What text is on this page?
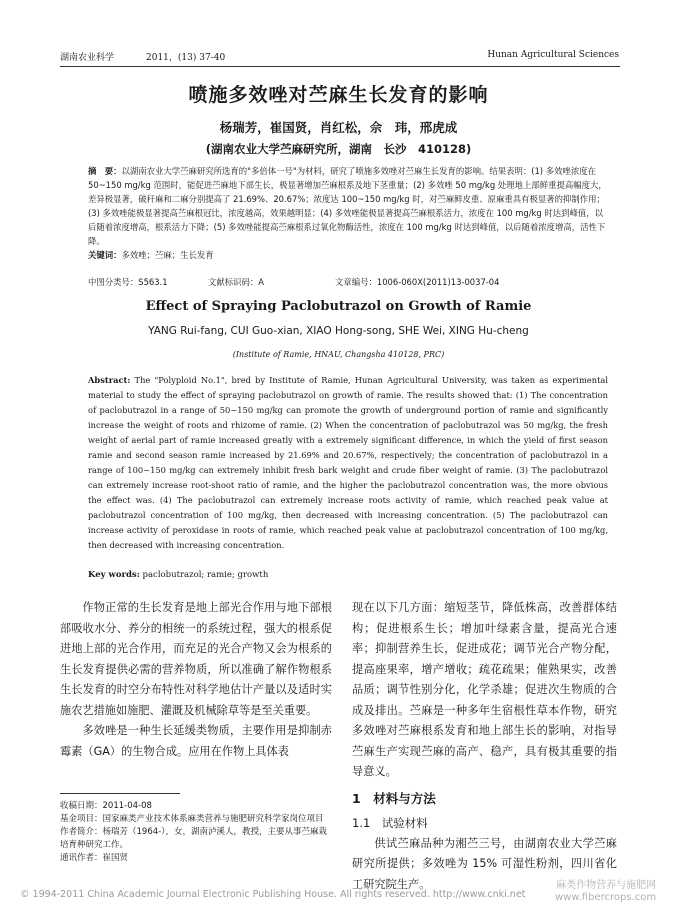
湖南农业科学	2011，(13) 37-40	Hunan Agricultural Sciences
喷施多效唑对苎麻生长发育的影响
杨瑞芳，崔国贤，肖红松，佘　玮，邢虎成
(湖南农业大学苎麻研究所，湖南　长沙　410128)
摘　要：以湖南农业大学苎麻研究所选育的"多倍体一号"为材料，研究了喷施多效唑对苎麻生长发育的影响。结果表明：(1) 多效唑浓度在 50~150 mg/kg 范围时，能促进苎麻地下部生长，极显著增加苎麻根系及地下茎重量；(2) 多效唑 50 mg/kg 处理地上部鲜重提高幅度大，差异极显著，破秆麻和二麻分别提高了 21.69%、20.67%；浓度达 100~150 mg/kg 时，对苎麻鲜皮重、原麻重具有极显著的抑制作用；(3) 多效唑能极显著提高苎麻根冠比，浓度越高，效果越明显；(4) 多效唑能极显著提高苎麻根系活力，浓度在 100 mg/kg 时达到峰值，以后随着浓度增高，根系活力下降；(5) 多效唑能提高苎麻根系过氧化物酶活性，浓度在 100 mg/kg 时达到峰值，以后随着浓度增高，活性下降。
关键词：多效唑；苎麻；生长发育
中图分类号：S563.1	文献标识码：A	文章编号：1006-060X(2011)13-0037-04
Effect of Spraying Paclobutrazol on Growth of Ramie
YANG Rui-fang, CUI Guo-xian, XIAO Hong-song, SHE Wei, XING Hu-cheng
(Institute of Ramie, HNAU, Changsha 410128, PRC)
Abstract: The "Polyploid No.1", bred by Institute of Ramie, Hunan Agricultural University, was taken as experimental material to study the effect of spraying paclobutrazol on growth of ramie. The results showed that: (1) The concentration of paclobutrazol in a range of 50~150 mg/kg can promote the growth of underground portion of ramie and significantly increase the weight of roots and rhizome of ramie. (2) When the concentration of paclobutrazol was 50 mg/kg, the fresh weight of aerial part of ramie increased greatly with a extremely significant difference, in which the yield of first season ramie and second season ramie increased by 21.69% and 20.67%, respectively; the concentration of paclobutrazol in a range of 100~150 mg/kg can extremely inhibit fresh bark weight and crude fiber weight of ramie. (3) The paclobutrazol can extremely increase root-shoot ratio of ramie, and the higher the paclobutrazol concentration was, the more obvious the effect was. (4) The paclobutrazol can extremely increase roots activity of ramie, which reached peak value at paclobutrazol concentration of 100 mg/kg, then decreased with increasing concentration. (5) The paclobutrazol can increase activity of peroxidase in roots of ramie, which reached peak value at paclobutrazol concentration of 100 mg/kg, then decreased with increasing concentration.
Key words: paclobutrazol; ramie; growth

作物正常的生长发育是地上部光合作用与地下部根部吸收水分、养分的相统一的系统过程，强大的根系促进地上部的光合作用，而充足的光合产物又会为根系的生长发育提供必需的营养物质，所以准确了解作物根系生长发育的时空分布特性对科学地估计产量以及适时实施农艺措施如施肥、灌溉及机械除草等是至关重要。

多效唑是一种生长延缓类物质，主要作用是抑制赤霉素（GA）的生物合成。应用在作物上具体表

收稿日期：2011-04-08
基金项目：国家麻类产业技术体系麻类营养与施肥研究科学家岗位项目
作者简介：杨瑞芳（1964-），女，湖南泸溪人，教授，主要从事苎麻栽培育种研究工作。
通讯作者：崔国贤

现在以下几方面：缩短茎节，降低株高，改善群体结构；促进根系生长；增加叶绿素含量，提高光合速率；抑制营养生长，促进成花；调节光合产物分配，提高座果率，增产增收；疏花疏果；催熟果实，改善品质；调节性别分化，化学杀雄；促进次生物质的合成及排出。苎麻是一种多年生宿根性草本作物，研究多效唑对苎麻根系发育和地上部生长的影响，对指导苎麻生产实现苎麻的高产、稳产，具有极其重要的指导意义。

1　材料与方法

1.1　试验材料

供试苎麻品种为湘苎三号，由湖南农业大学苎麻研究所提供；多效唑为 15% 可湿性粉剂，四川省化工研究院生产。

© 1994-2011 China Academic Journal Electronic Publishing House. All rights reserved. http://www.cnki.net
麻类作物营养与施肥网
www.fibercrops.com
